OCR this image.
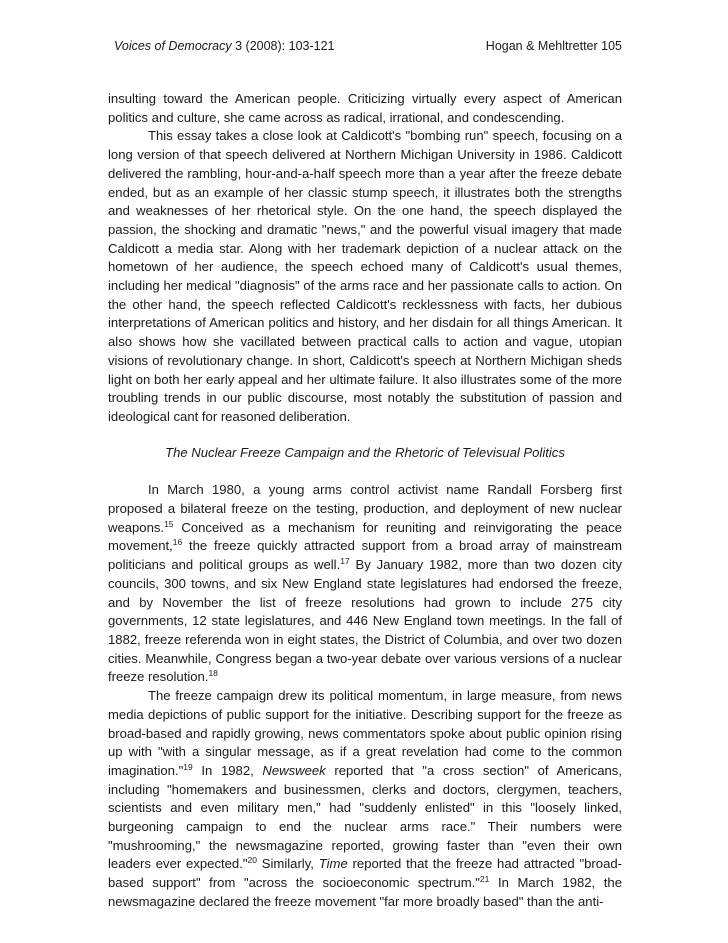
Voices of Democracy 3 (2008): 103-121	Hogan & Mehltretter 105

insulting toward the American people. Criticizing virtually every aspect of American politics and culture, she came across as radical, irrational, and condescending.

This essay takes a close look at Caldicott's "bombing run" speech, focusing on a long version of that speech delivered at Northern Michigan University in 1986. Caldicott delivered the rambling, hour-and-a-half speech more than a year after the freeze debate ended, but as an example of her classic stump speech, it illustrates both the strengths and weaknesses of her rhetorical style. On the one hand, the speech displayed the passion, the shocking and dramatic "news," and the powerful visual imagery that made Caldicott a media star. Along with her trademark depiction of a nuclear attack on the hometown of her audience, the speech echoed many of Caldicott's usual themes, including her medical "diagnosis" of the arms race and her passionate calls to action. On the other hand, the speech reflected Caldicott's recklessness with facts, her dubious interpretations of American politics and history, and her disdain for all things American. It also shows how she vacillated between practical calls to action and vague, utopian visions of revolutionary change. In short, Caldicott's speech at Northern Michigan sheds light on both her early appeal and her ultimate failure. It also illustrates some of the more troubling trends in our public discourse, most notably the substitution of passion and ideological cant for reasoned deliberation.

The Nuclear Freeze Campaign and the Rhetoric of Televisual Politics

In March 1980, a young arms control activist name Randall Forsberg first proposed a bilateral freeze on the testing, production, and deployment of new nuclear weapons.$^{15}$ Conceived as a mechanism for reuniting and reinvigorating the peace movement,$^{16}$ the freeze quickly attracted support from a broad array of mainstream politicians and political groups as well.$^{17}$ By January 1982, more than two dozen city councils, 300 towns, and six New England state legislatures had endorsed the freeze, and by November the list of freeze resolutions had grown to include 275 city governments, 12 state legislatures, and 446 New England town meetings. In the fall of 1882, freeze referenda won in eight states, the District of Columbia, and over two dozen cities. Meanwhile, Congress began a two-year debate over various versions of a nuclear freeze resolution.$^{18}$

The freeze campaign drew its political momentum, in large measure, from news media depictions of public support for the initiative. Describing support for the freeze as broad-based and rapidly growing, news commentators spoke about public opinion rising up with "with a singular message, as if a great revelation had come to the common imagination."$^{19}$ In 1982, Newsweek reported that "a cross section" of Americans, including "homemakers and businessmen, clerks and doctors, clergymen, teachers, scientists and even military men," had "suddenly enlisted" in this "loosely linked, burgeoning campaign to end the nuclear arms race." Their numbers were "mushrooming," the newsmagazine reported, growing faster than "even their own leaders ever expected."$^{20}$ Similarly, Time reported that the freeze had attracted "broad-based support" from "across the socioeconomic spectrum."$^{21}$ In March 1982, the newsmagazine declared the freeze movement "far more broadly based" than the anti-
